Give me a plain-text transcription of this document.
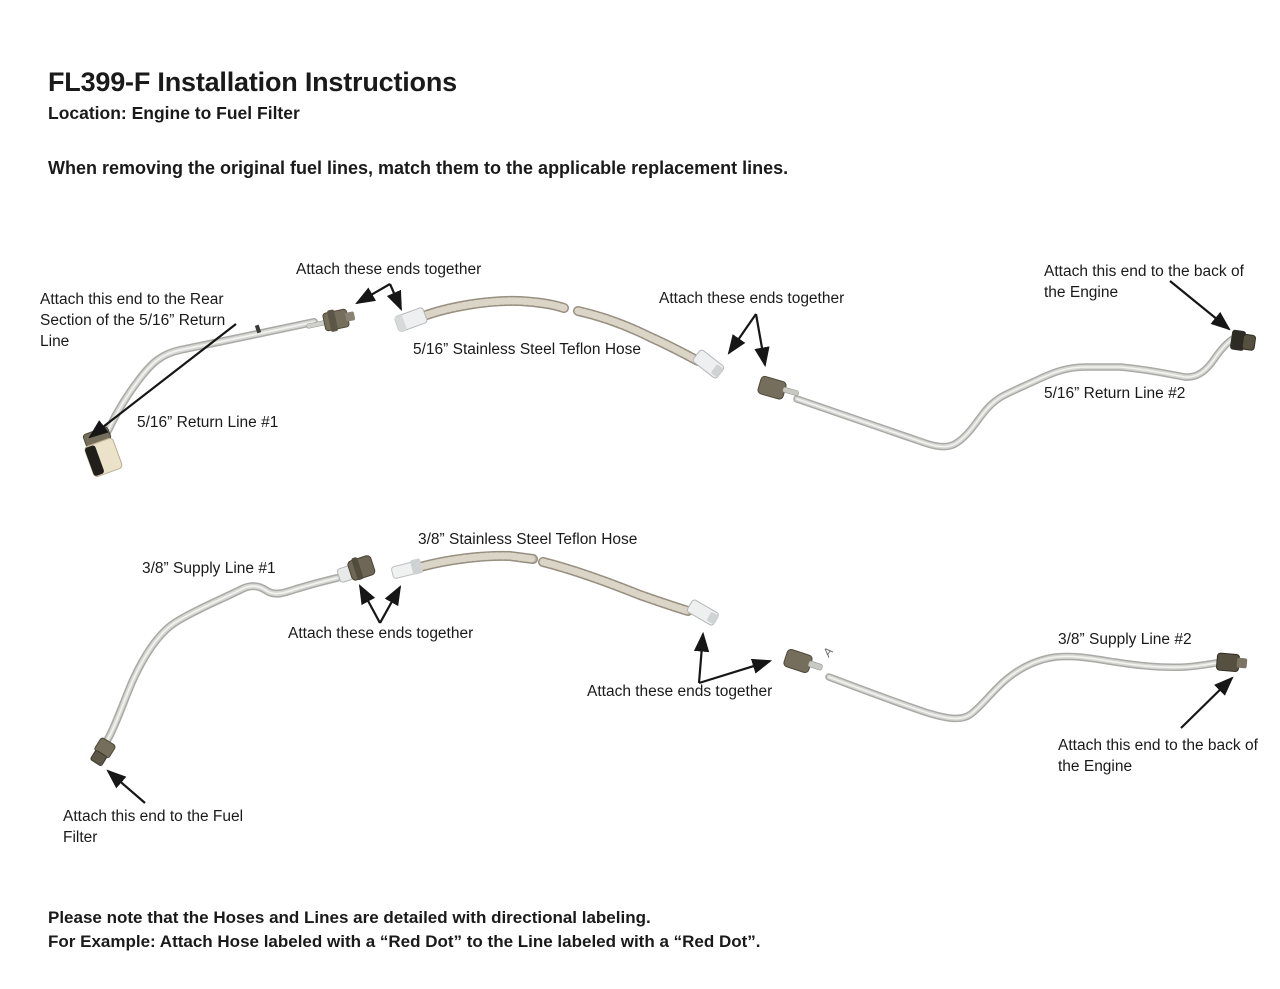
FL399-F Installation Instructions
Location: Engine to Fuel Filter
When removing the original fuel lines, match them to the applicable replacement lines.
Attach these ends together
Attach this end to the Rear Section of the 5/16” Return Line	5/16” Stainless Steel Teflon Hose
Attach these ends together
Attach this end to the back of the Engine
5/16” Return Line #2
5/16” Return Line #1
3/8” Stainless Steel Teflon Hose
3/8” Supply Line #1
Attach these ends together
Attach these ends together
3/8” Supply Line #2
Attach this end to the back of the Engine
Attach this end to the Fuel Filter
A
Please note that the Hoses and Lines are detailed with directional labeling.
For Example: Attach Hose labeled with a “Red Dot” to the Line labeled with a “Red Dot”.
